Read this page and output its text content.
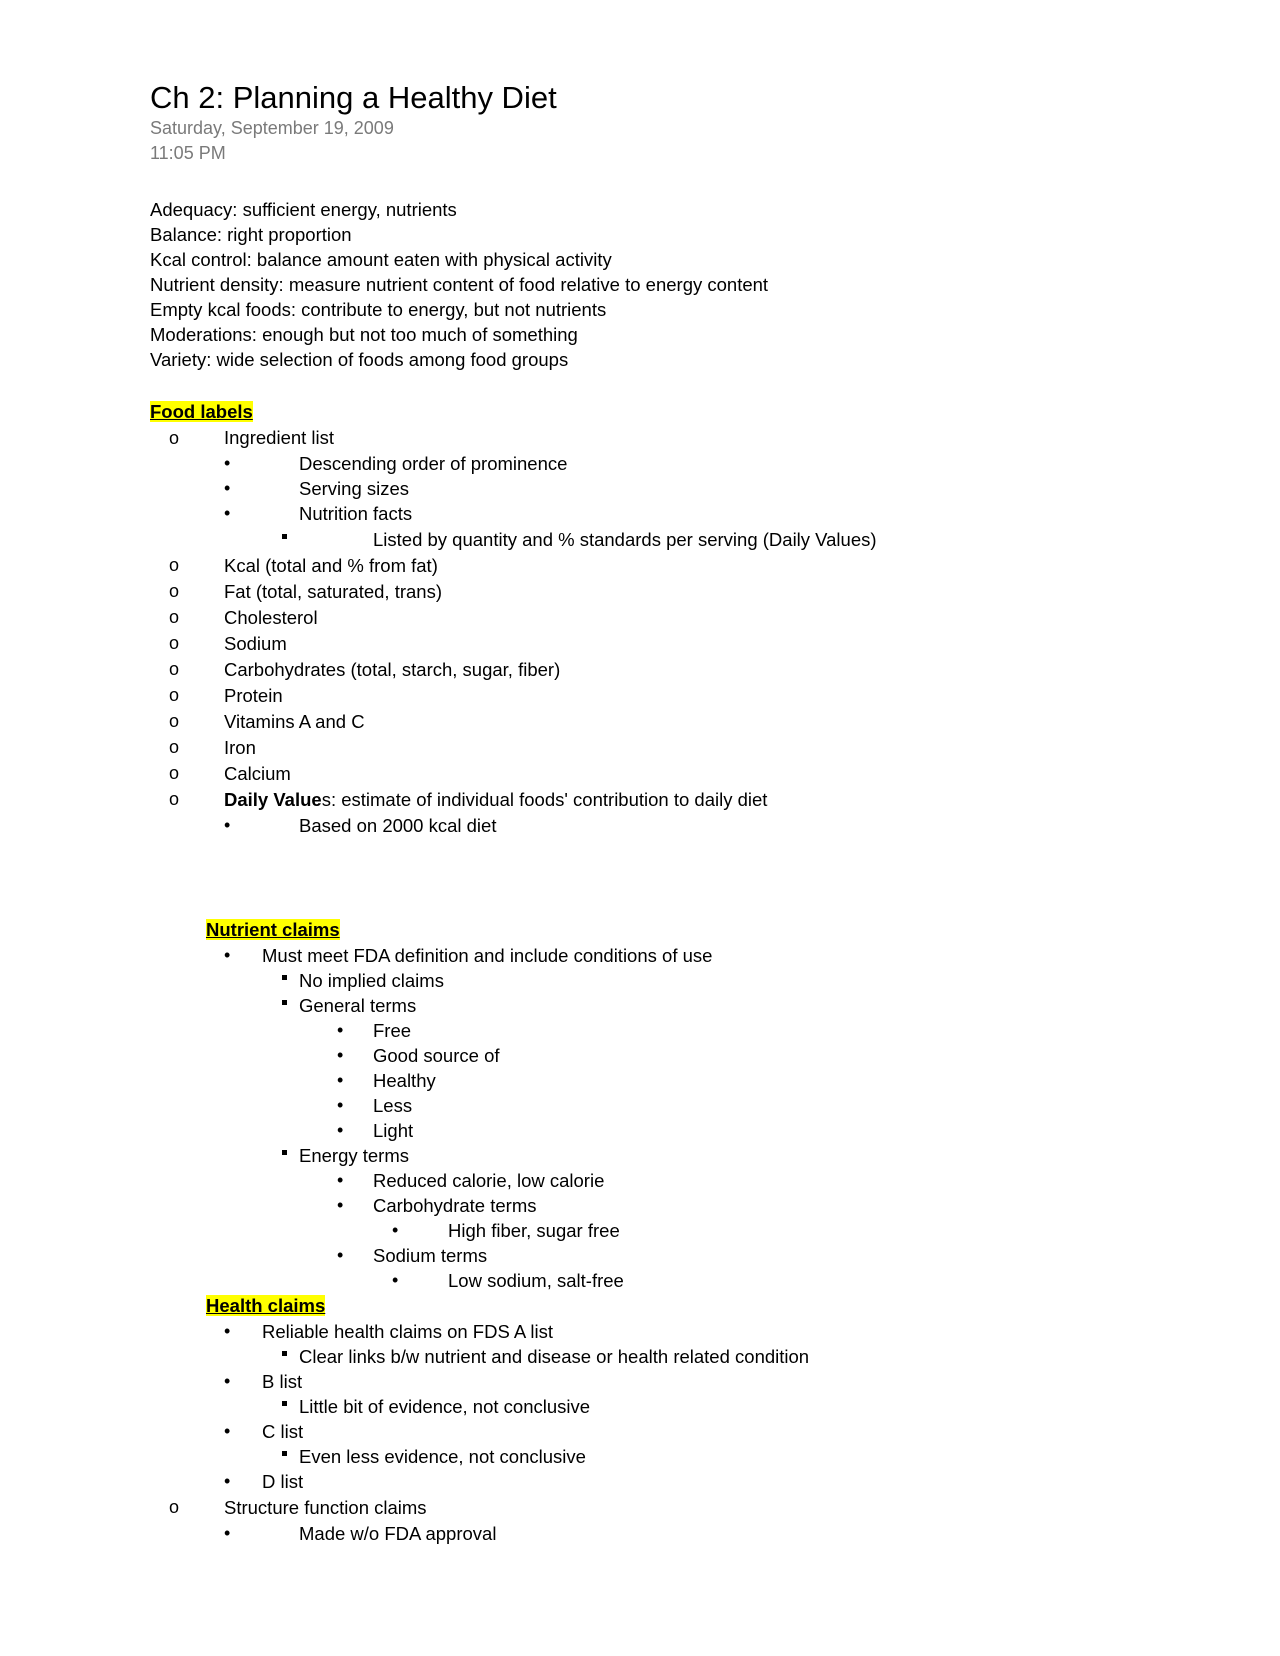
Ch 2: Planning a Healthy Diet
Saturday, September 19, 2009
11:05 PM
Adequacy: sufficient energy, nutrients
Balance: right proportion
Kcal control: balance amount eaten with physical activity
Nutrient density: measure nutrient content of food relative to energy content
Empty kcal foods: contribute to energy, but not nutrients
Moderations: enough but not too much of something
Variety: wide selection of foods among food groups
Food labels
o Ingredient list
•	Descending order of prominence
•	Serving sizes
•	Nutrition facts
Listed by quantity and % standards per serving (Daily Values)
o Kcal (total and % from fat)
o Fat (total, saturated, trans)
o Cholesterol
o Sodium
o Carbohydrates (total, starch, sugar, fiber)
o Protein
o Vitamins A and C
o Iron
o Calcium
o Daily Values: estimate of individual foods' contribution to daily diet
•	Based on 2000 kcal diet
Nutrient claims
• Must meet FDA definition and include conditions of use
No implied claims
General terms
• Free
• Good source of
• Healthy
• Less
• Light
Energy terms
• Reduced calorie, low calorie
• Carbohydrate terms
•	High fiber, sugar free
• Sodium terms
•	Low sodium, salt-free
Health claims
• Reliable health claims on FDS A list
Clear links b/w nutrient and disease or health related condition
• B list
Little bit of evidence, not conclusive
• C list
Even less evidence, not conclusive
• D list
o Structure function claims
•	Made w/o FDA approval
